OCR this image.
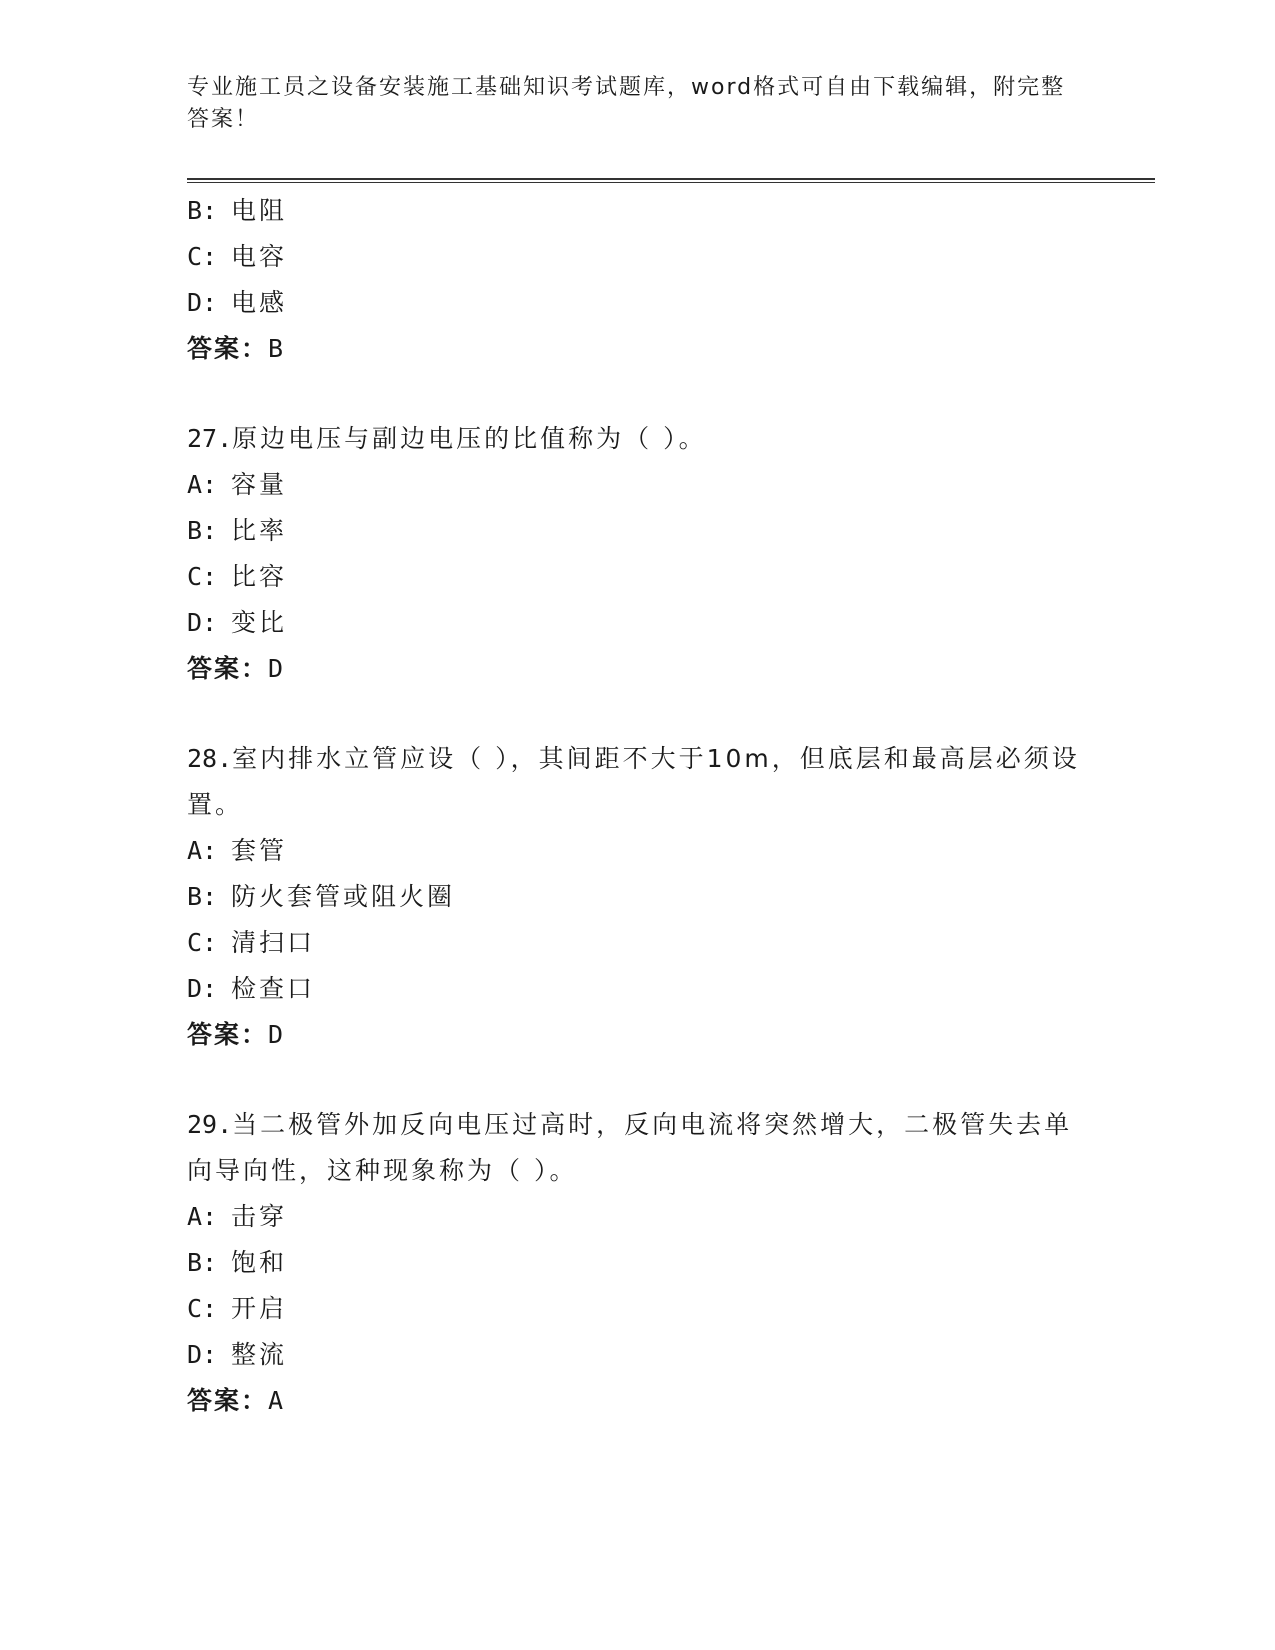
专业施工员之设备安装施工基础知识考试题库，word格式可自由下载编辑，附完整答案！
B: 电阻
C: 电容
D: 电感
答案：B
27.原边电压与副边电压的比值称为（ ）。
A: 容量
B: 比率
C: 比容
D: 变比
答案：D
28.室内排水立管应设（ ），其间距不大于10m，但底层和最高层必须设置。
A: 套管
B: 防火套管或阻火圈
C: 清扫口
D: 检查口
答案：D
29.当二极管外加反向电压过高时，反向电流将突然增大，二极管失去单向导向性，这种现象称为（ ）。
A: 击穿
B: 饱和
C: 开启
D: 整流
答案：A
